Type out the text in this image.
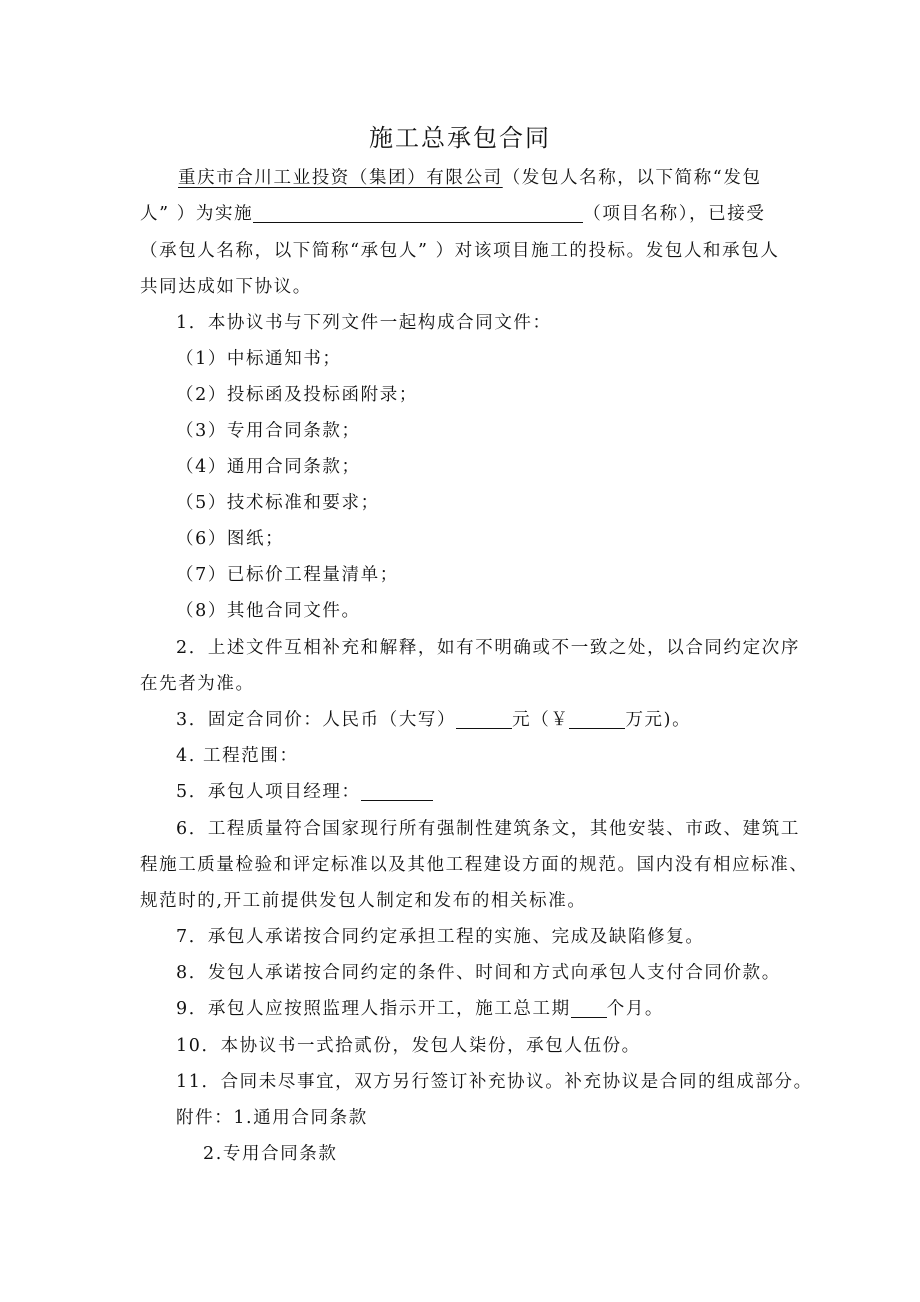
施工总承包合同
重庆市合川工业投资（集团）有限公司（发包人名称，以下简称“发包
人” ）为实施	（项目名称），已接受
（承包人名称，以下简称“承包人” ）对该项目施工的投标。发包人和承包人
共同达成如下协议。
1．本协议书与下列文件一起构成合同文件：
（1）中标通知书；
（2）投标函及投标函附录；
（3）专用合同条款；
（4）通用合同条款；
（5）技术标准和要求；
（6）图纸；
（7）已标价工程量清单；
（8）其他合同文件。
2．上述文件互相补充和解释，如有不明确或不一致之处，以合同约定次序
在先者为准。
3．固定合同价：人民币（大写）	元（￥	万元)。
4. 工程范围：
5．承包人项目经理：
6．工程质量符合国家现行所有强制性建筑条文，其他安装、市政、建筑工
程施工质量检验和评定标准以及其他工程建设方面的规范。国内没有相应标准、
规范时的,开工前提供发包人制定和发布的相关标准。
7．承包人承诺按合同约定承担工程的实施、完成及缺陷修复。
8．发包人承诺按合同约定的条件、时间和方式向承包人支付合同价款。
9．承包人应按照监理人指示开工，施工总工期 个月。
10．本协议书一式拾贰份，发包人柒份，承包人伍份。
11．合同未尽事宜，双方另行签订补充协议。补充协议是合同的组成部分。
附件：1.通用合同条款
2.专用合同条款
